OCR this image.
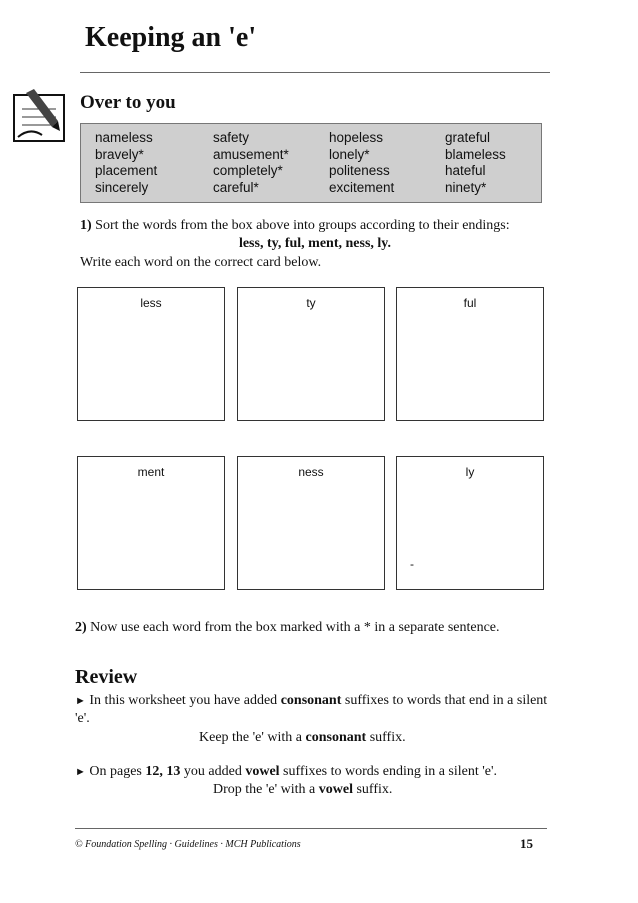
Keeping an 'e'
Over to you
nameless	safety	hopeless	grateful
bravely*	amusement*	lonely*	blameless
placement	completely*	politeness	hateful
sincerely	careful*	excitement	ninety*
1) Sort the words from the box above into groups according to their endings:
less, ty, ful, ment, ness, ly.
Write each word on the correct card below.
less	ty	ful
ment	ness	ly
-
2) Now use each word from the box marked with a * in a separate sentence.
Review
► In this worksheet you have added consonant suffixes to words that end in a silent 'e'.
Keep the 'e' with a consonant suffix.
► On pages 12, 13 you added vowel suffixes to words ending in a silent 'e'.
Drop the 'e' with a vowel suffix.
© Foundation Spelling · Guidelines · MCH Publications	15
